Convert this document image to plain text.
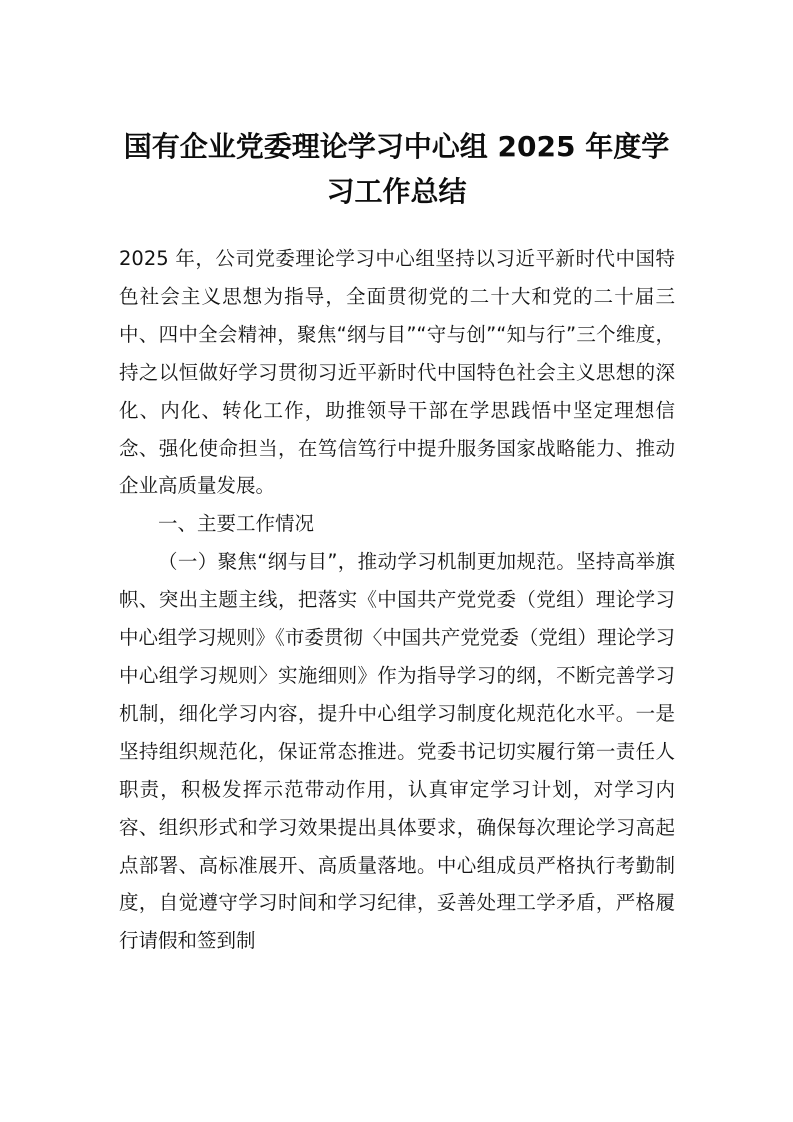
国有企业党委理论学习中心组 2025 年度学
习工作总结

2025 年，公司党委理论学习中心组坚持以习近平新时代中国特色社会主义思想为指导，全面贯彻党的二十大和党的二十届三中、四中全会精神，聚焦“纲与目”“守与创”“知与行”三个维度，持之以恒做好学习贯彻习近平新时代中国特色社会主义思想的深化、内化、转化工作，助推领导干部在学思践悟中坚定理想信念、强化使命担当，在笃信笃行中提升服务国家战略能力、推动企业高质量发展。

一、主要工作情况

（一）聚焦“纲与目”，推动学习机制更加规范。坚持高举旗帜、突出主题主线，把落实《中国共产党党委（党组）理论学习中心组学习规则》《市委贯彻〈中国共产党党委（党组）理论学习中心组学习规则〉实施细则》作为指导学习的纲，不断完善学习机制，细化学习内容，提升中心组学习制度化规范化水平。一是坚持组织规范化，保证常态推进。党委书记切实履行第一责任人职责，积极发挥示范带动作用，认真审定学习计划，对学习内容、组织形式和学习效果提出具体要求，确保每次理论学习高起点部署、高标准展开、高质量落地。中心组成员严格执行考勤制度，自觉遵守学习时间和学习纪律，妥善处理工学矛盾，严格履行请假和签到制
